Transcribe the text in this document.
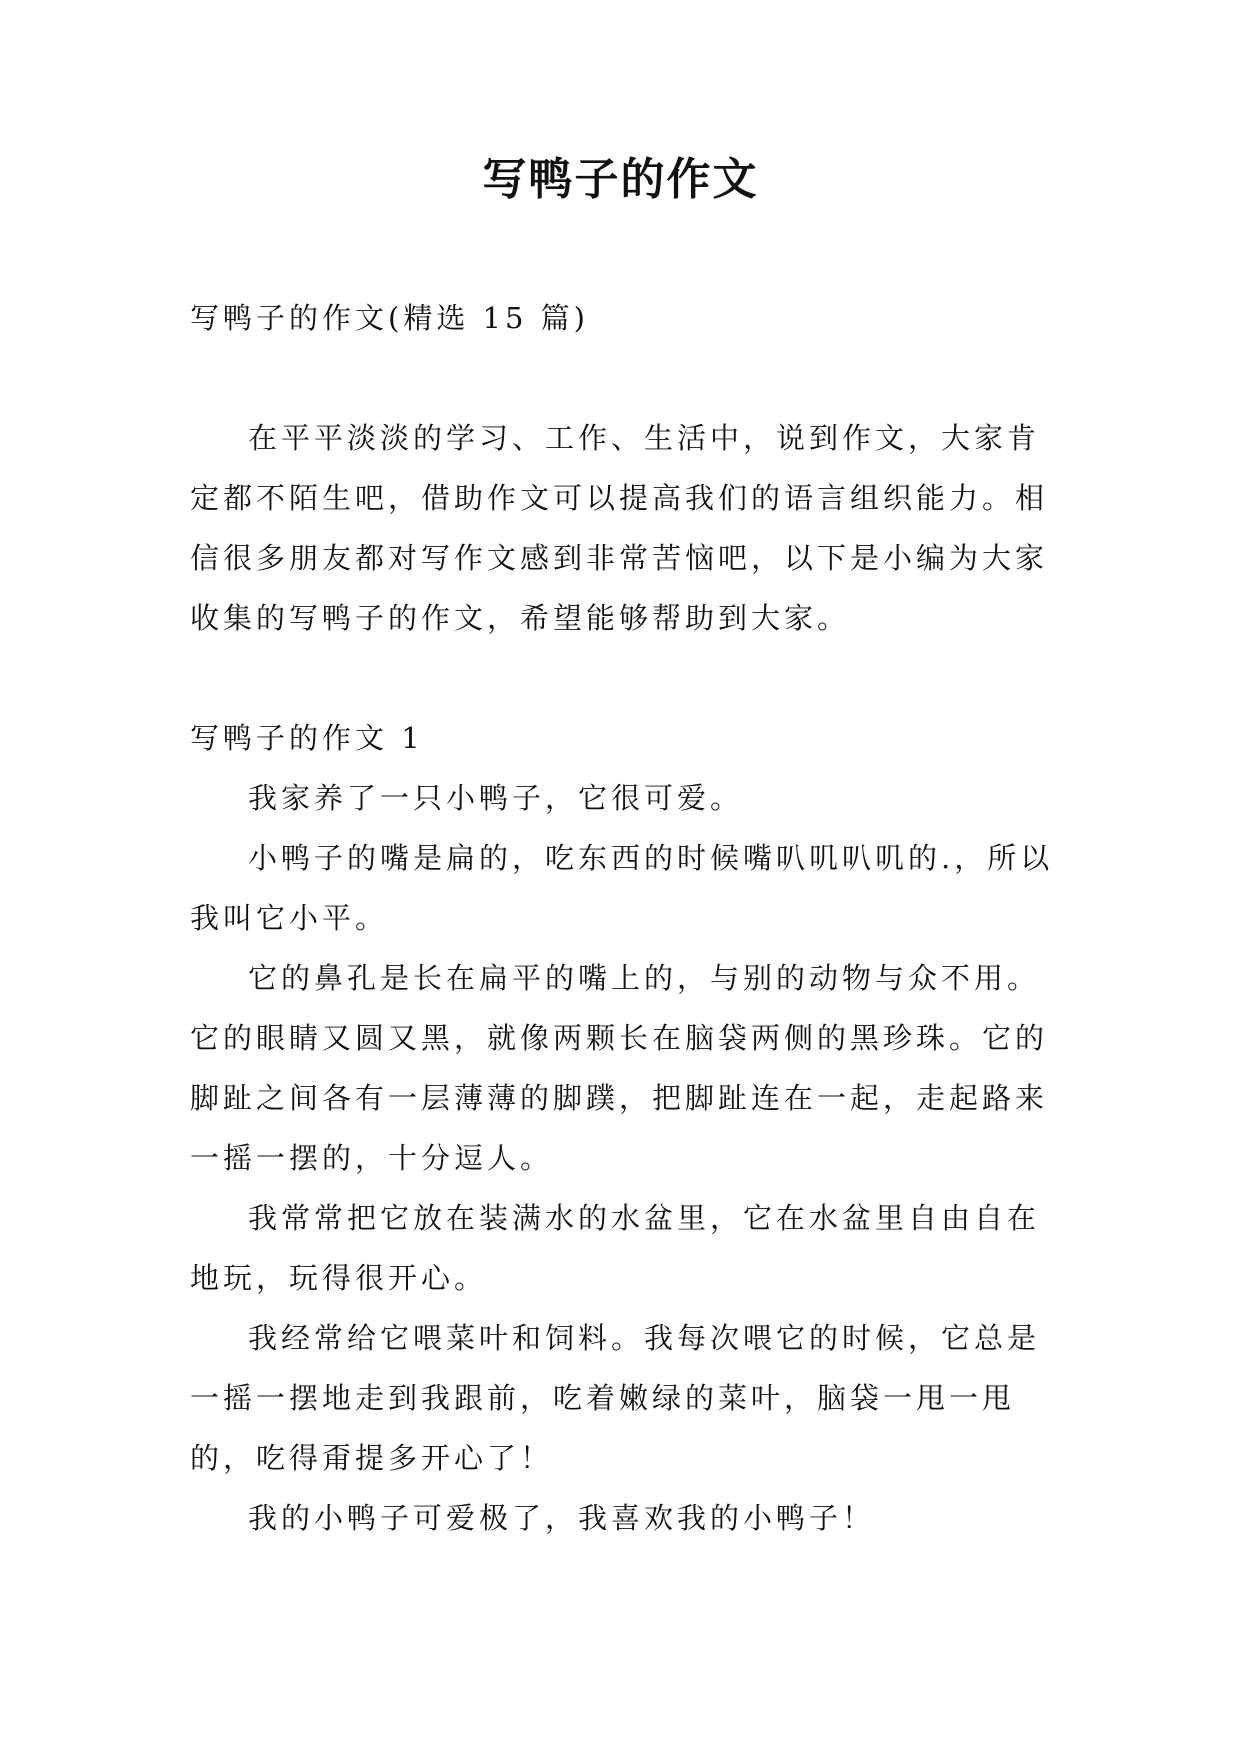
写鸭子的作文

写鸭子的作文(精选 15 篇)

在平平淡淡的学习、工作、生活中，说到作文，大家肯定都不陌生吧，借助作文可以提高我们的语言组织能力。相信很多朋友都对写作文感到非常苦恼吧，以下是小编为大家收集的写鸭子的作文，希望能够帮助到大家。

写鸭子的作文 1

我家养了一只小鸭子，它很可爱。

小鸭子的嘴是扁的，吃东西的时候嘴叭叽叭叽的.，所以我叫它小平。

它的鼻孔是长在扁平的嘴上的，与别的动物与众不用。它的眼睛又圆又黑，就像两颗长在脑袋两侧的黑珍珠。它的脚趾之间各有一层薄薄的脚蹼，把脚趾连在一起，走起路来一摇一摆的，十分逗人。

我常常把它放在装满水的水盆里，它在水盆里自由自在地玩，玩得很开心。

我经常给它喂菜叶和饲料。我每次喂它的时候，它总是一摇一摆地走到我跟前，吃着嫩绿的菜叶，脑袋一甩一甩的，吃得甭提多开心了！

我的小鸭子可爱极了，我喜欢我的小鸭子！
